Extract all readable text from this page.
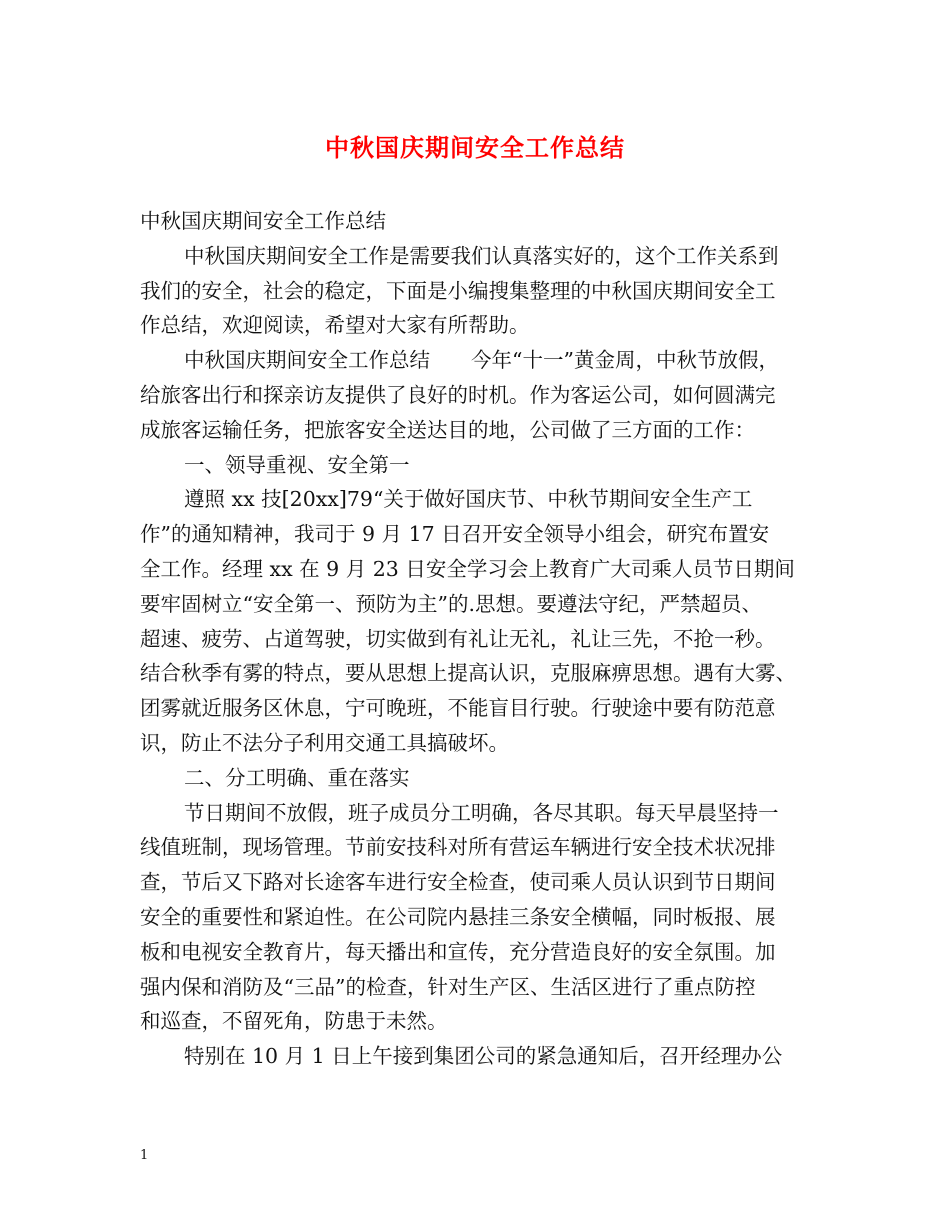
中秋国庆期间安全工作总结
中秋国庆期间安全工作总结
中秋国庆期间安全工作是需要我们认真落实好的，这个工作关系到
我们的安全，社会的稳定，下面是小编搜集整理的中秋国庆期间安全工
作总结，欢迎阅读，希望对大家有所帮助。
中秋国庆期间安全工作总结　　今年“十一”黄金周，中秋节放假，
给旅客出行和探亲访友提供了良好的时机。作为客运公司，如何圆满完
成旅客运输任务，把旅客安全送达目的地，公司做了三方面的工作：
一、领导重视、安全第一
遵照 xx 技[20xx]79“关于做好国庆节、中秋节期间安全生产工
作”的通知精神，我司于 9 月 17 日召开安全领导小组会，研究布置安
全工作。经理 xx 在 9 月 23 日安全学习会上教育广大司乘人员节日期间
要牢固树立“安全第一、预防为主”的.思想。要遵法守纪，严禁超员、
超速、疲劳、占道驾驶，切实做到有礼让无礼，礼让三先，不抢一秒。
结合秋季有雾的特点，要从思想上提高认识，克服麻痹思想。遇有大雾、
团雾就近服务区休息，宁可晚班，不能盲目行驶。行驶途中要有防范意
识，防止不法分子利用交通工具搞破坏。
二、分工明确、重在落实
节日期间不放假，班子成员分工明确，各尽其职。每天早晨坚持一
线值班制，现场管理。节前安技科对所有营运车辆进行安全技术状况排
查，节后又下路对长途客车进行安全检查，使司乘人员认识到节日期间
安全的重要性和紧迫性。在公司院内悬挂三条安全横幅，同时板报、展
板和电视安全教育片，每天播出和宣传，充分营造良好的安全氛围。加
强内保和消防及“三品”的检查，针对生产区、生活区进行了重点防控
和巡查，不留死角，防患于未然。
特别在 10 月 1 日上午接到集团公司的紧急通知后，召开经理办公
1
